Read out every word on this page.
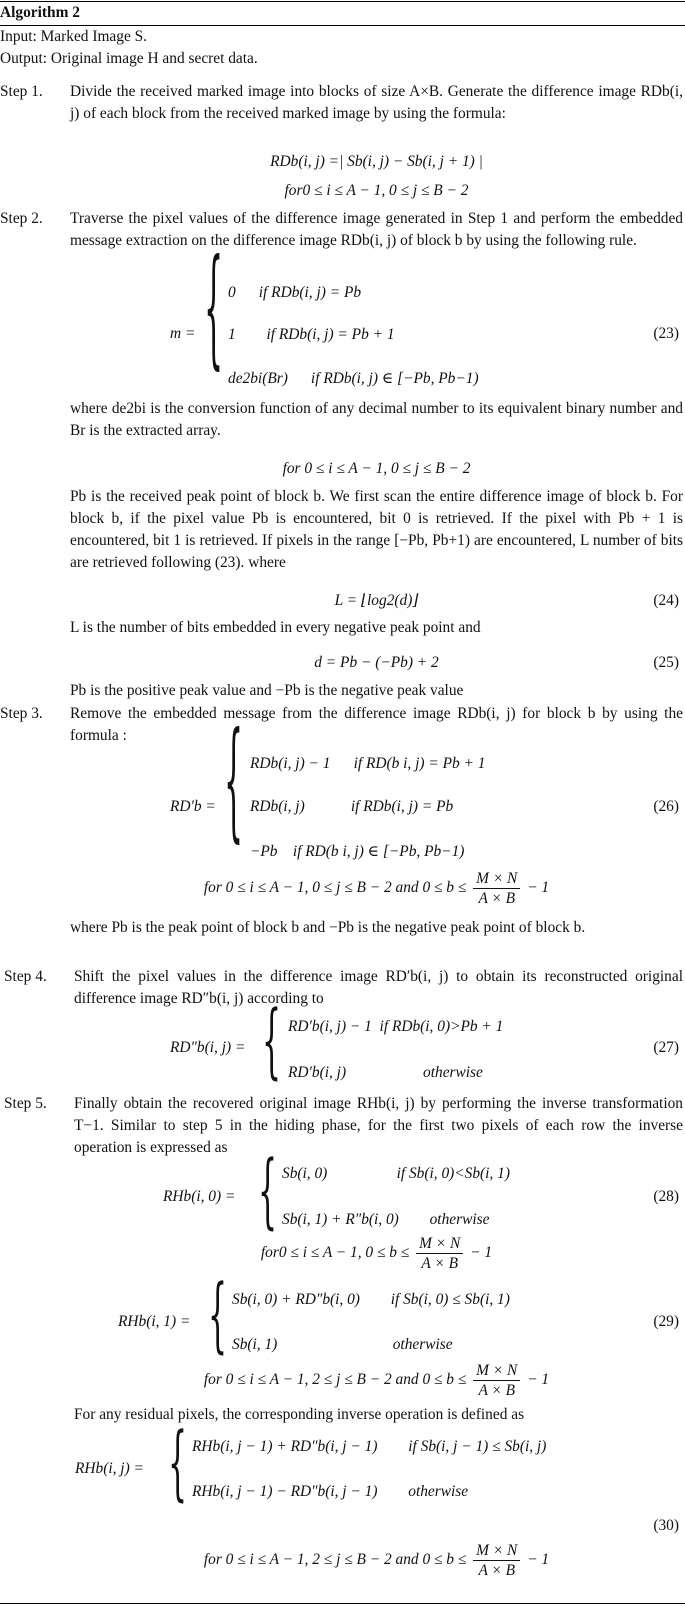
Algorithm 2
Input: Marked Image S.
Output: Original image H and secret data.
Step 1.	Divide the received marked image into blocks of size A×B. Generate the difference image RDb(i, j) of each block from the received marked image by using the formula:
RDb(i, j) =| Sb(i, j) − Sb(i, j + 1) |
for0 ≤ i ≤ A − 1, 0 ≤ j ≤ B − 2
Step 2.	Traverse the pixel values of the difference image generated in Step 1 and perform the embedded message extraction on the difference image RDb(i, j) of block b by using the following rule.
m = { 0      if RDb(i, j) = Pb
1        if RDb(i, j) = Pb + 1
de2bi(Br)      if RDb(i, j) ∈ [−Pb, Pb−1)
(23)
where de2bi is the conversion function of any decimal number to its equivalent binary number and Br is the extracted array.
for 0 ≤ i ≤ A − 1, 0 ≤ j ≤ B − 2
Pb is the received peak point of block b. We first scan the entire difference image of block b. For block b, if the pixel value Pb is encountered, bit 0 is retrieved. If the pixel with Pb + 1 is encountered, bit 1 is retrieved. If pixels in the range [−Pb, Pb+1) are encountered, L number of bits are retrieved following (23). where
L = ⌊log2(d)⌋	(24)
L is the number of bits embedded in every negative peak point and
d = Pb − (−Pb) + 2	(25)
Pb is the positive peak value and −Pb is the negative peak value
Step 3.	Remove the embedded message from the difference image RDb(i, j) for block b by using the formula :
RD′b = { RDb(i, j) − 1      if RD(b i, j) = Pb + 1
RDb(i, j)            if RDb(i, j) = Pb
−Pb    if RD(b i, j) ∈ [−Pb, Pb−1)
(26)
for 0 ≤ i ≤ A − 1, 0 ≤ j ≤ B − 2 and $0 \le b \le \frac{M \times N}{A \times B} - 1$
where Pb is the peak point of block b and −Pb is the negative peak point of block b.
Step 4.	Shift the pixel values in the difference image RD′b(i, j) to obtain its reconstructed original difference image RD″b(i, j) according to
RD″b(i, j) = { RD′b(i, j) − 1  if RDb(i, 0)>Pb + 1
RD′b(i, j)                    otherwise
(27)
Step 5.	Finally obtain the recovered original image RHb(i, j) by performing the inverse transformation T−1. Similar to step 5 in the hiding phase, for the first two pixels of each row the inverse operation is expressed as
RHb(i, 0) = { Sb(i, 0)                  if Sb(i, 0)<Sb(i, 1)
Sb(i, 1) + R″b(i, 0)        otherwise
(28)
for0 ≤ i ≤ A − 1, $0 \le b \le \frac{M \times N}{A \times B} - 1$
RHb(i, 1) = { Sb(i, 0) + RD″b(i, 0)        if Sb(i, 0) ≤ Sb(i, 1)
Sb(i, 1)                              otherwise
(29)
for 0 ≤ i ≤ A − 1, 2 ≤ j ≤ B − 2 and $0 \le b \le \frac{M \times N}{A \times B} - 1$
For any residual pixels, the corresponding inverse operation is defined as
RHb(i, j) = { RHb(i, j − 1) + RD″b(i, j − 1)        if Sb(i, j − 1) ≤ Sb(i, j)
RHb(i, j − 1) − RD″b(i, j − 1)        otherwise
(30)
for 0 ≤ i ≤ A − 1, 2 ≤ j ≤ B − 2 and $0 \le b \le \frac{M \times N}{A \times B} - 1$
